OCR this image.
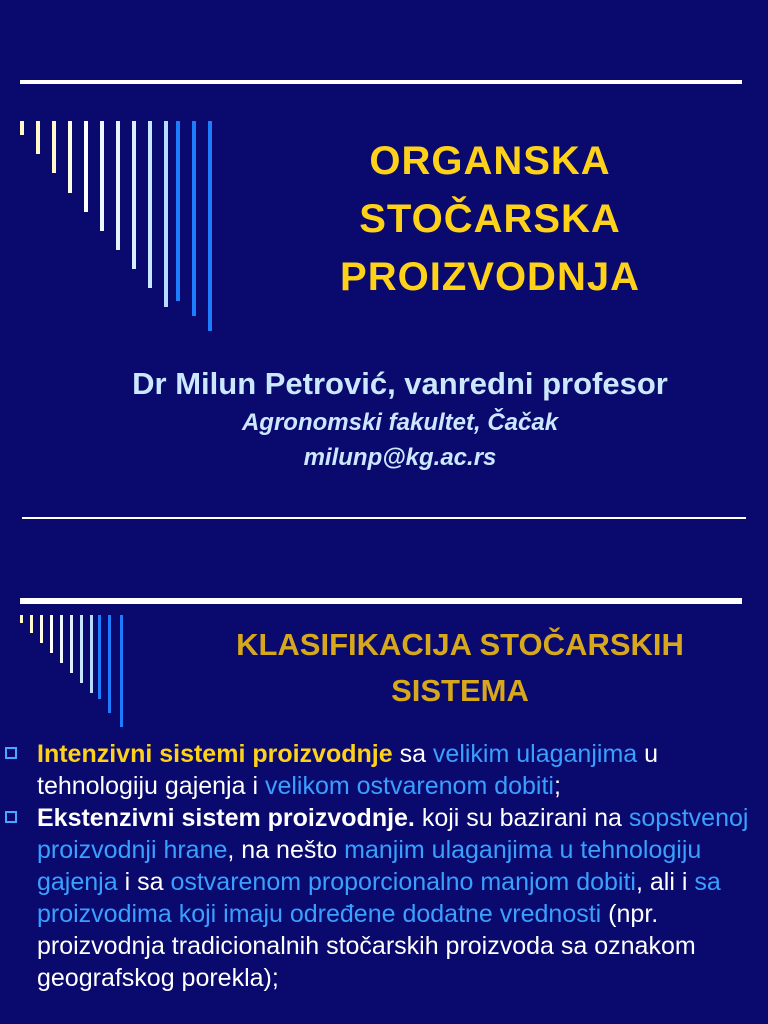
ORGANSKA
STOČARSKA
PROIZVODNJA
Dr Milun Petrović, vanredni profesor
Agronomski fakultet, Čačak
milunp@kg.ac.rs
KLASIFIKACIJA STOČARSKIH
SISTEMA
Intenzivni sistemi proizvodnje sa velikim ulaganjima u tehnologiju gajenja i velikom ostvarenom dobiti;
Ekstenzivni sistem proizvodnje. koji su bazirani na sopstvenoj proizvodnji hrane, na nešto manjim ulaganjima u tehnologiju gajenja i sa ostvarenom proporcionalno manjom dobiti, ali i sa proizvodima koji imaju određene dodatne vrednosti (npr. proizvodnja tradicionalnih stočarskih proizvoda sa oznakom geografskog porekla);
